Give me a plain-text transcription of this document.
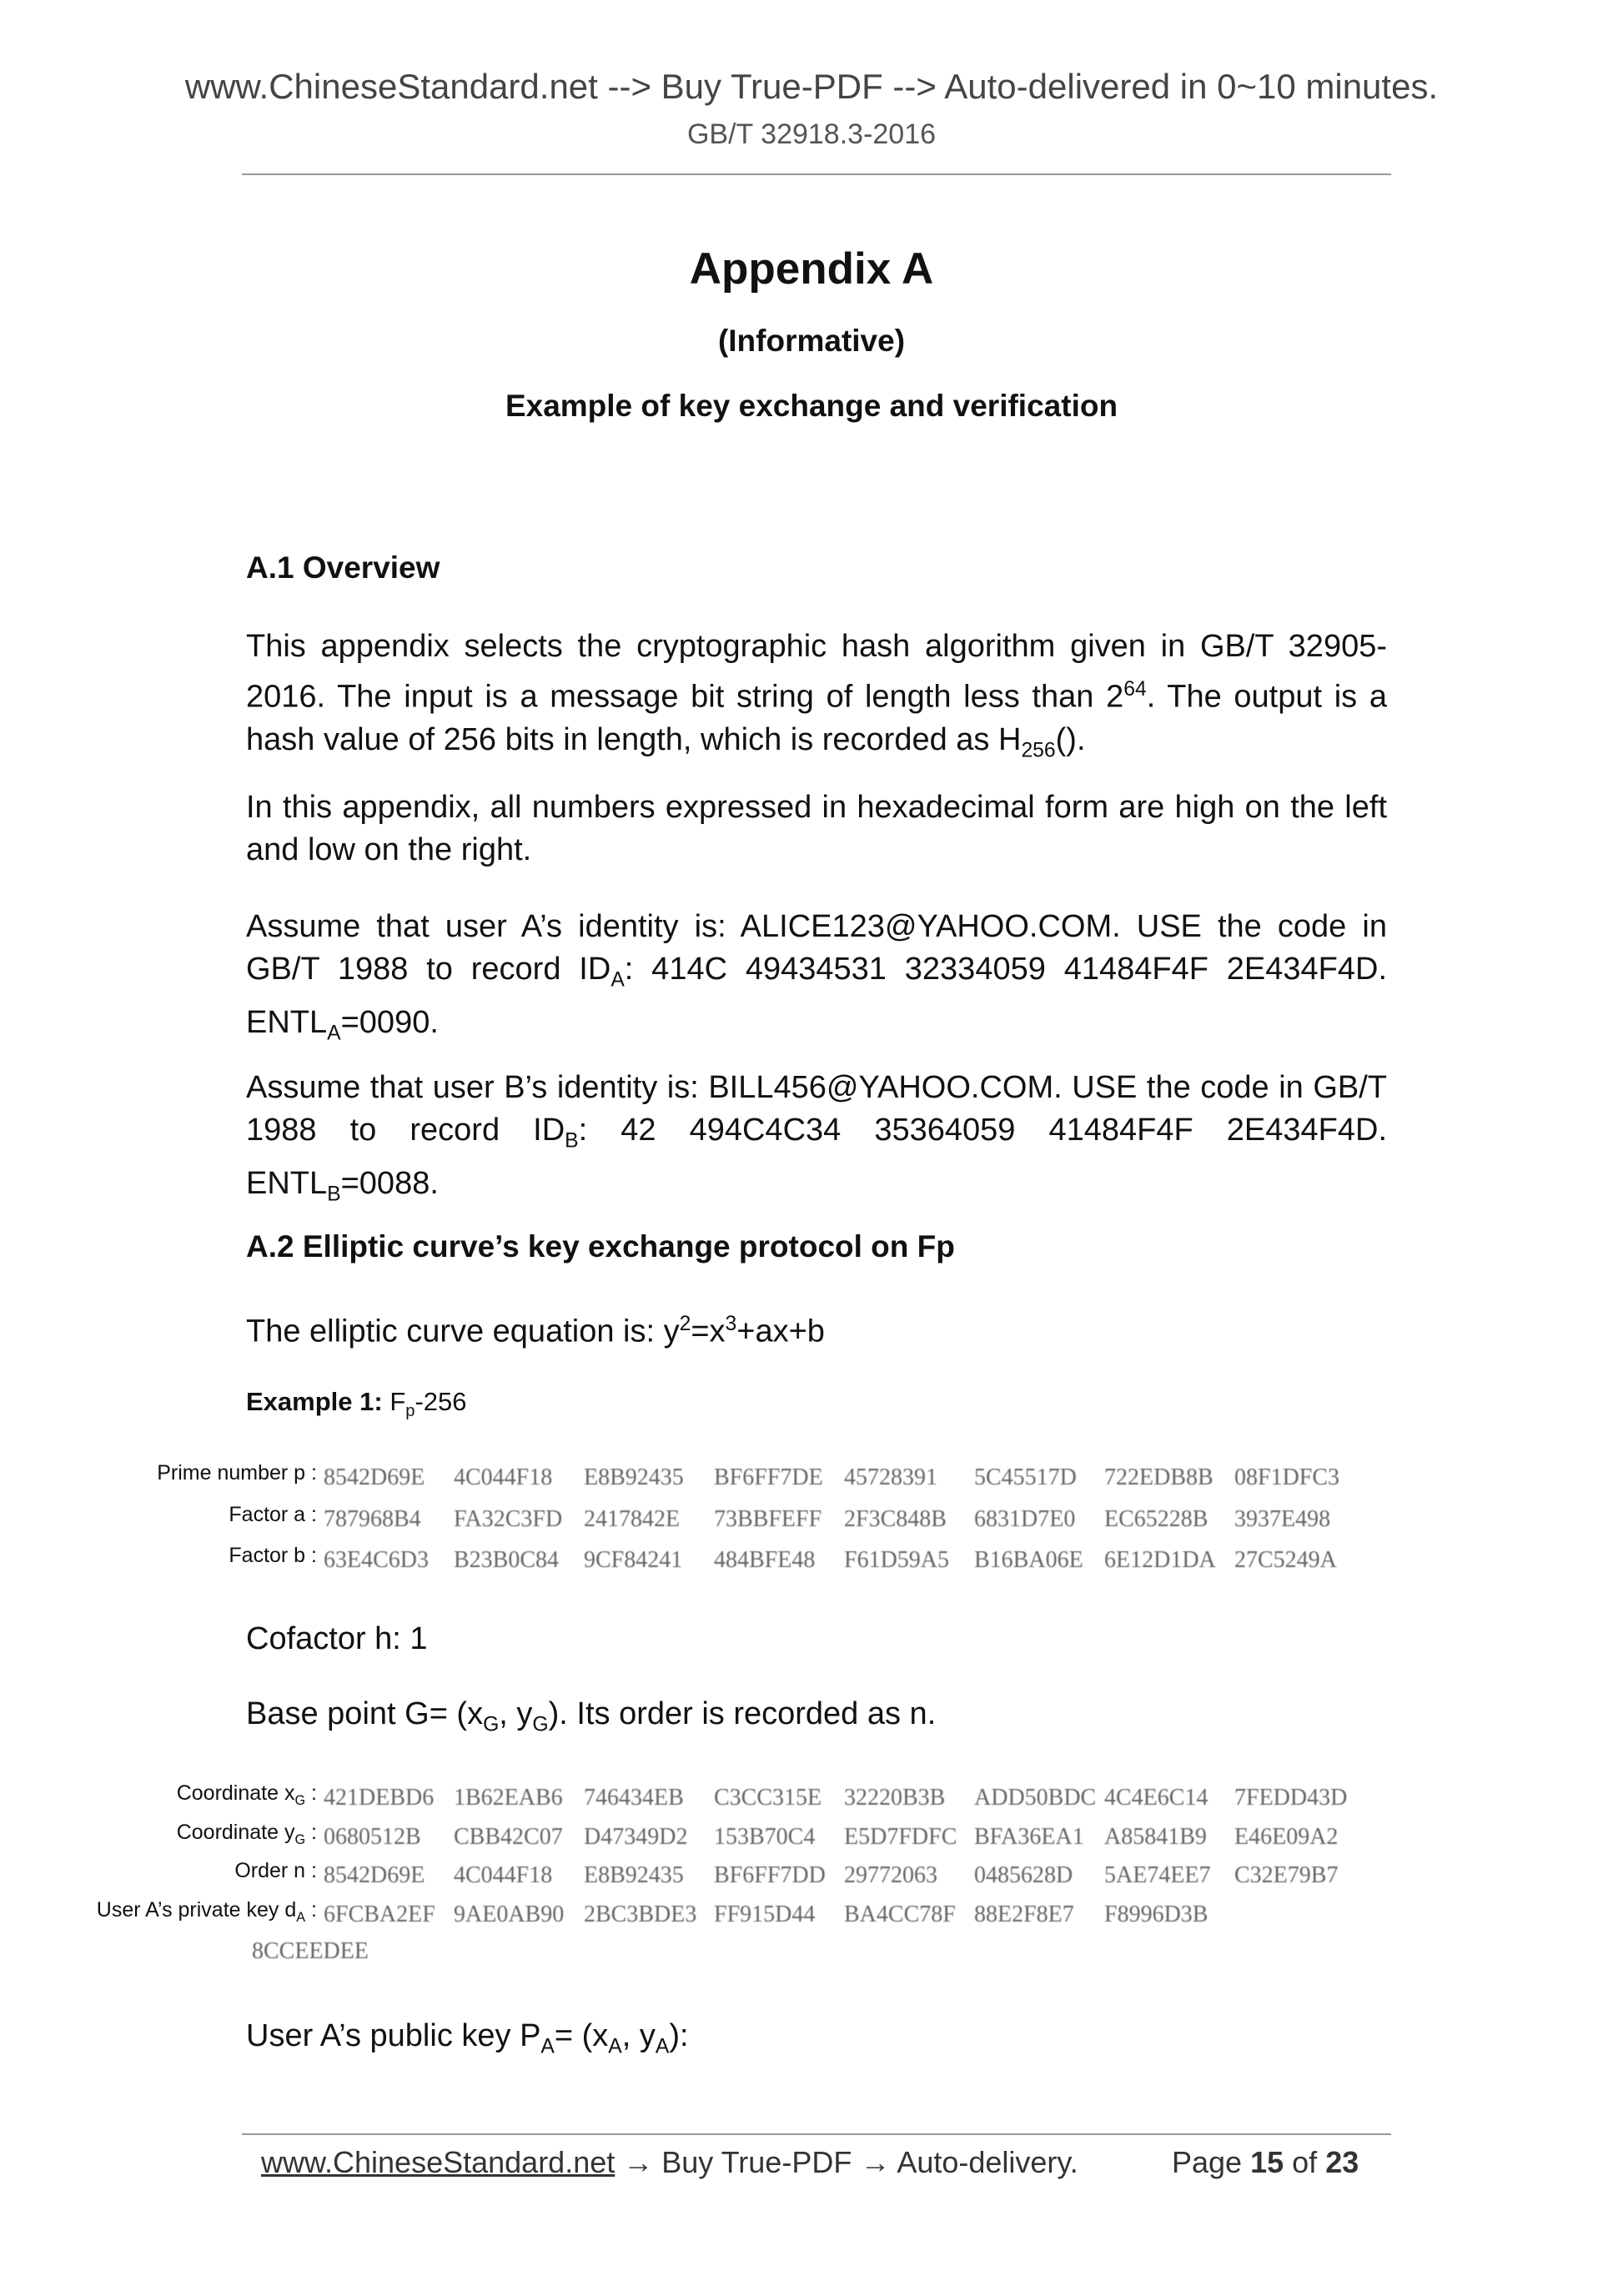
www.ChineseStandard.net --> Buy True-PDF --> Auto-delivered in 0~10 minutes.
GB/T 32918.3-2016
Appendix A
(Informative)
Example of key exchange and verification
A.1 Overview
This appendix selects the cryptographic hash algorithm given in GB/T 32905-2016. The input is a message bit string of length less than $2^{64}$. The output is a hash value of 256 bits in length, which is recorded as $H_{256}()$.
In this appendix, all numbers expressed in hexadecimal form are high on the left and low on the right.
Assume that user A’s identity is: ALICE123@YAHOO.COM. USE the code in GB/T 1988 to record $ID_A$: 414C 49434531 32334059 41484F4F 2E434F4D. $ENTL_A=0090$.
Assume that user B’s identity is: BILL456@YAHOO.COM. USE the code in GB/T 1988 to record $ID_B$: 42 494C4C34 35364059 41484F4F 2E434F4D. $ENTL_B=0088$.
A.2 Elliptic curve’s key exchange protocol on Fp
The elliptic curve equation is: $y^2=x^3+ax+b$
Example 1: $F_p-256$
Prime number p : 8542D69E	4C044F18	E8B92435	BF6FF7DE 45728391	5C45517D	722EDB8B 08F1DFC3
Factor a : 787968B4	FA32C3FD 2417842E	73BBFEFF 2F3C848B	6831D7E0	EC65228B	3937E498
Factor b : 63E4C6D3	B23B0C84	9CF84241	484BFE48	F61D59A5	B16BA06E 6E12D1DA 27C5249A
Cofactor h: 1
Base point $G= (x_G$, $y_G$). Its order is recorded as n.
Coordinate $x_G$ : 421DEBD6 1B62EAB6 746434EB	C3CC315E 32220B3B	ADD50BDC 4C4E6C14	7FEDD43D
Coordinate $y_G$ : 0680512B	CBB42C07 D47349D2	153B70C4	E5D7FDFC BFA36EA1 A85841B9	E46E09A2
Order n : 8542D69E	4C044F18	E8B92435	BF6FF7DD 29772063	0485628D	5AE74EE7	C32E79B7
User A’s private key $d_A$ : 6FCBA2EF 9AE0AB90 2BC3BDE3 FF915D44	BA4CC78F 88E2F8E7	F8996D3B
8CCEEDEE
User A’s public key $P_A= (x_A$, $y_A$):
www.ChineseStandard.net → Buy True-PDF → Auto-delivery.	Page 15 of 23
